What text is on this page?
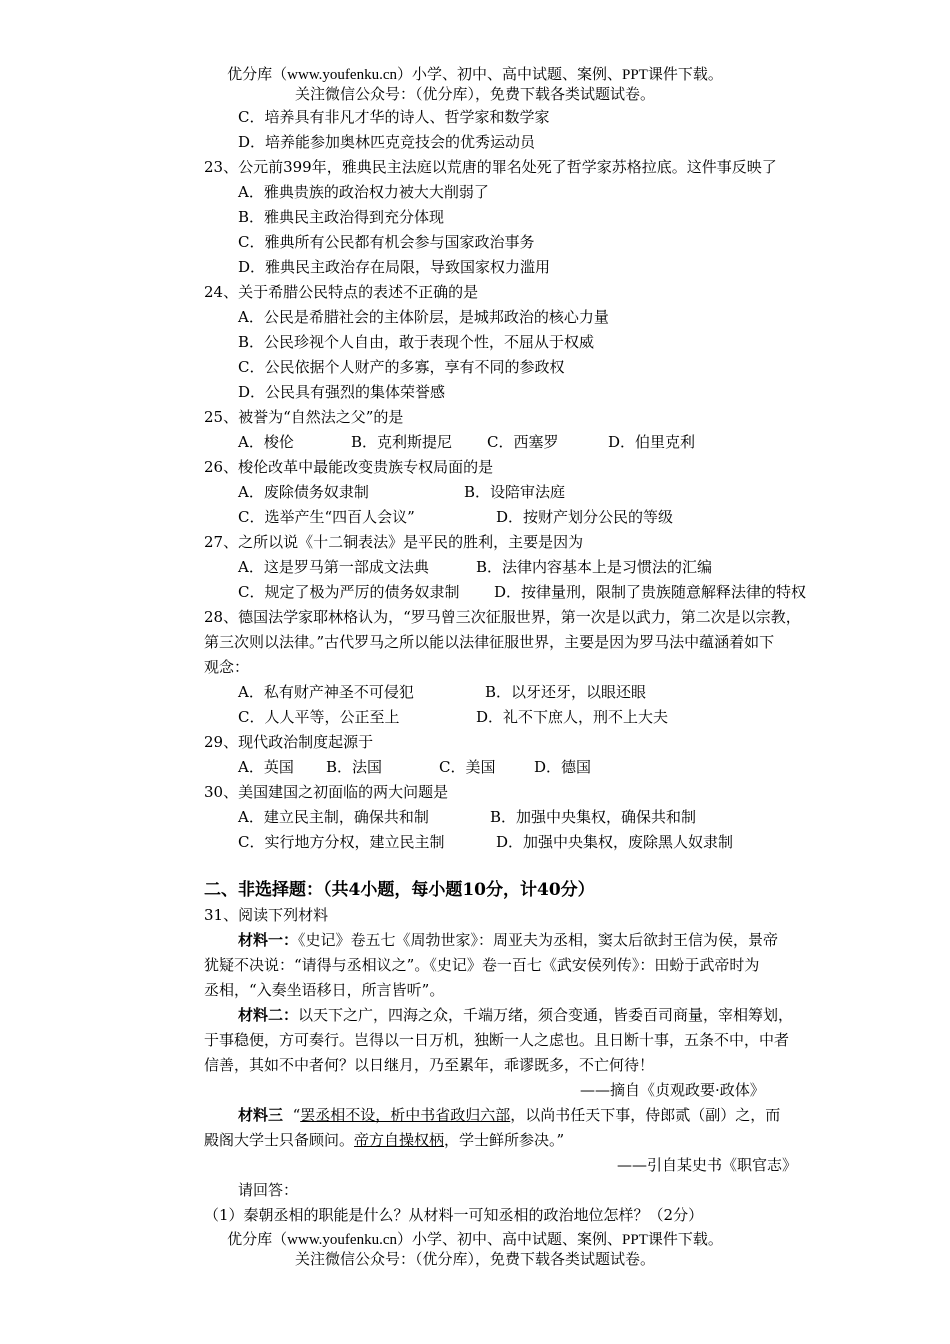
优分库（www.youfenku.cn）小学、初中、高中试题、案例、PPT课件下载。
关注微信公众号：（优分库），免费下载各类试题试卷。
C．培养具有非凡才华的诗人、哲学家和数学家
D．培养能参加奥林匹克竞技会的优秀运动员
23、公元前399年，雅典民主法庭以荒唐的罪名处死了哲学家苏格拉底。这件事反映了
A．雅典贵族的政治权力被大大削弱了
B．雅典民主政治得到充分体现
C．雅典所有公民都有机会参与国家政治事务
D．雅典民主政治存在局限，导致国家权力滥用
24、关于希腊公民特点的表述不正确的是
A．公民是希腊社会的主体阶层，是城邦政治的核心力量
B．公民珍视个人自由，敢于表现个性，不屈从于权威
C．公民依据个人财产的多寡，享有不同的参政权
D．公民具有强烈的集体荣誉感
25、被誉为“自然法之父”的是
A．梭伦	B．克利斯提尼 C．西塞罗	D．伯里克利
26、梭伦改革中最能改变贵族专权局面的是
A．废除债务奴隶制	B．设陪审法庭
C．选举产生“四百人会议”	D．按财产划分公民的等级
27、之所以说《十二铜表法》是平民的胜利，主要是因为
A．这是罗马第一部成文法典	B．法律内容基本上是习惯法的汇编
C．规定了极为严厉的债务奴隶制 D．按律量刑，限制了贵族随意解释法律的特权
28、德国法学家耶林格认为，“罗马曾三次征服世界，第一次是以武力，第二次是以宗教，
第三次则以法律。”古代罗马之所以能以法律征服世界，主要是因为罗马法中蕴涵着如下
观念：
A．私有财产神圣不可侵犯	B．以牙还牙，以眼还眼
C．人人平等，公正至上	D．礼不下庶人，刑不上大夫
29、现代政治制度起源于
A．英国 B．法国	C．美国	D．德国
30、美国建国之初面临的两大问题是
A．建立民主制，确保共和制	B．加强中央集权，确保共和制
C．实行地方分权，建立民主制	D．加强中央集权，废除黑人奴隶制
二、非选择题：（共4小题，每小题10分，计40分）
31、阅读下列材料
材料一：《史记》卷五七《周勃世家》：周亚夫为丞相，窦太后欲封王信为侯，景帝
犹疑不决说：“请得与丞相议之”。《史记》卷一百七《武安侯列传》：田蚡于武帝时为
丞相，“入奏坐语移日，所言皆听”。
材料二：以天下之广，四海之众，千端万绪，须合变通，皆委百司商量，宰相筹划，
于事稳便，方可奏行。岂得以一日万机，独断一人之虑也。且日断十事，五条不中，中者
信善，其如不中者何？以日继月，乃至累年，乖谬既多，不亡何待！
——摘自《贞观政要·政体》
材料三 “罢丞相不设，析中书省政归六部，以尚书任天下事，侍郎贰（副）之，而
殿阁大学士只备顾问。帝方自操权柄，学士鲜所参决。”
——引自某史书《职官志》
请回答：
（1）秦朝丞相的职能是什么？从材料一可知丞相的政治地位怎样？（2分）
优分库（www.youfenku.cn）小学、初中、高中试题、案例、PPT课件下载。
关注微信公众号：（优分库），免费下载各类试题试卷。
